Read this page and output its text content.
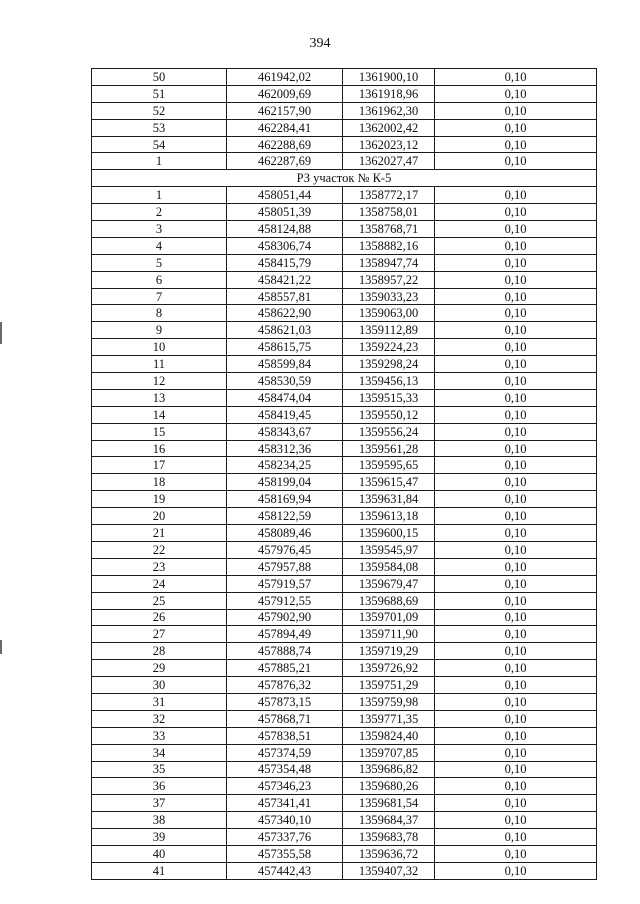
394
50	461942,02	1361900,10	0,10
51	462009,69	1361918,96	0,10
52	462157,90	1361962,30	0,10
53	462284,41	1362002,42	0,10
54	462288,69	1362023,12	0,10
1	462287,69	1362027,47	0,10
РЗ участок № К-5			
1	458051,44	1358772,17	0,10
2	458051,39	1358758,01	0,10
3	458124,88	1358768,71	0,10
4	458306,74	1358882,16	0,10
5	458415,79	1358947,74	0,10
6	458421,22	1358957,22	0,10
7	458557,81	1359033,23	0,10
8	458622,90	1359063,00	0,10
9	458621,03	1359112,89	0,10
10	458615,75	1359224,23	0,10
11	458599,84	1359298,24	0,10
12	458530,59	1359456,13	0,10
13	458474,04	1359515,33	0,10
14	458419,45	1359550,12	0,10
15	458343,67	1359556,24	0,10
16	458312,36	1359561,28	0,10
17	458234,25	1359595,65	0,10
18	458199,04	1359615,47	0,10
19	458169,94	1359631,84	0,10
20	458122,59	1359613,18	0,10
21	458089,46	1359600,15	0,10
22	457976,45	1359545,97	0,10
23	457957,88	1359584,08	0,10
24	457919,57	1359679,47	0,10
25	457912,55	1359688,69	0,10
26	457902,90	1359701,09	0,10
27	457894,49	1359711,90	0,10
28	457888,74	1359719,29	0,10
29	457885,21	1359726,92	0,10
30	457876,32	1359751,29	0,10
31	457873,15	1359759,98	0,10
32	457868,71	1359771,35	0,10
33	457838,51	1359824,40	0,10
34	457374,59	1359707,85	0,10
35	457354,48	1359686,82	0,10
36	457346,23	1359680,26	0,10
37	457341,41	1359681,54	0,10
38	457340,10	1359684,37	0,10
39	457337,76	1359683,78	0,10
40	457355,58	1359636,72	0,10
41	457442,43	1359407,32	0,10
